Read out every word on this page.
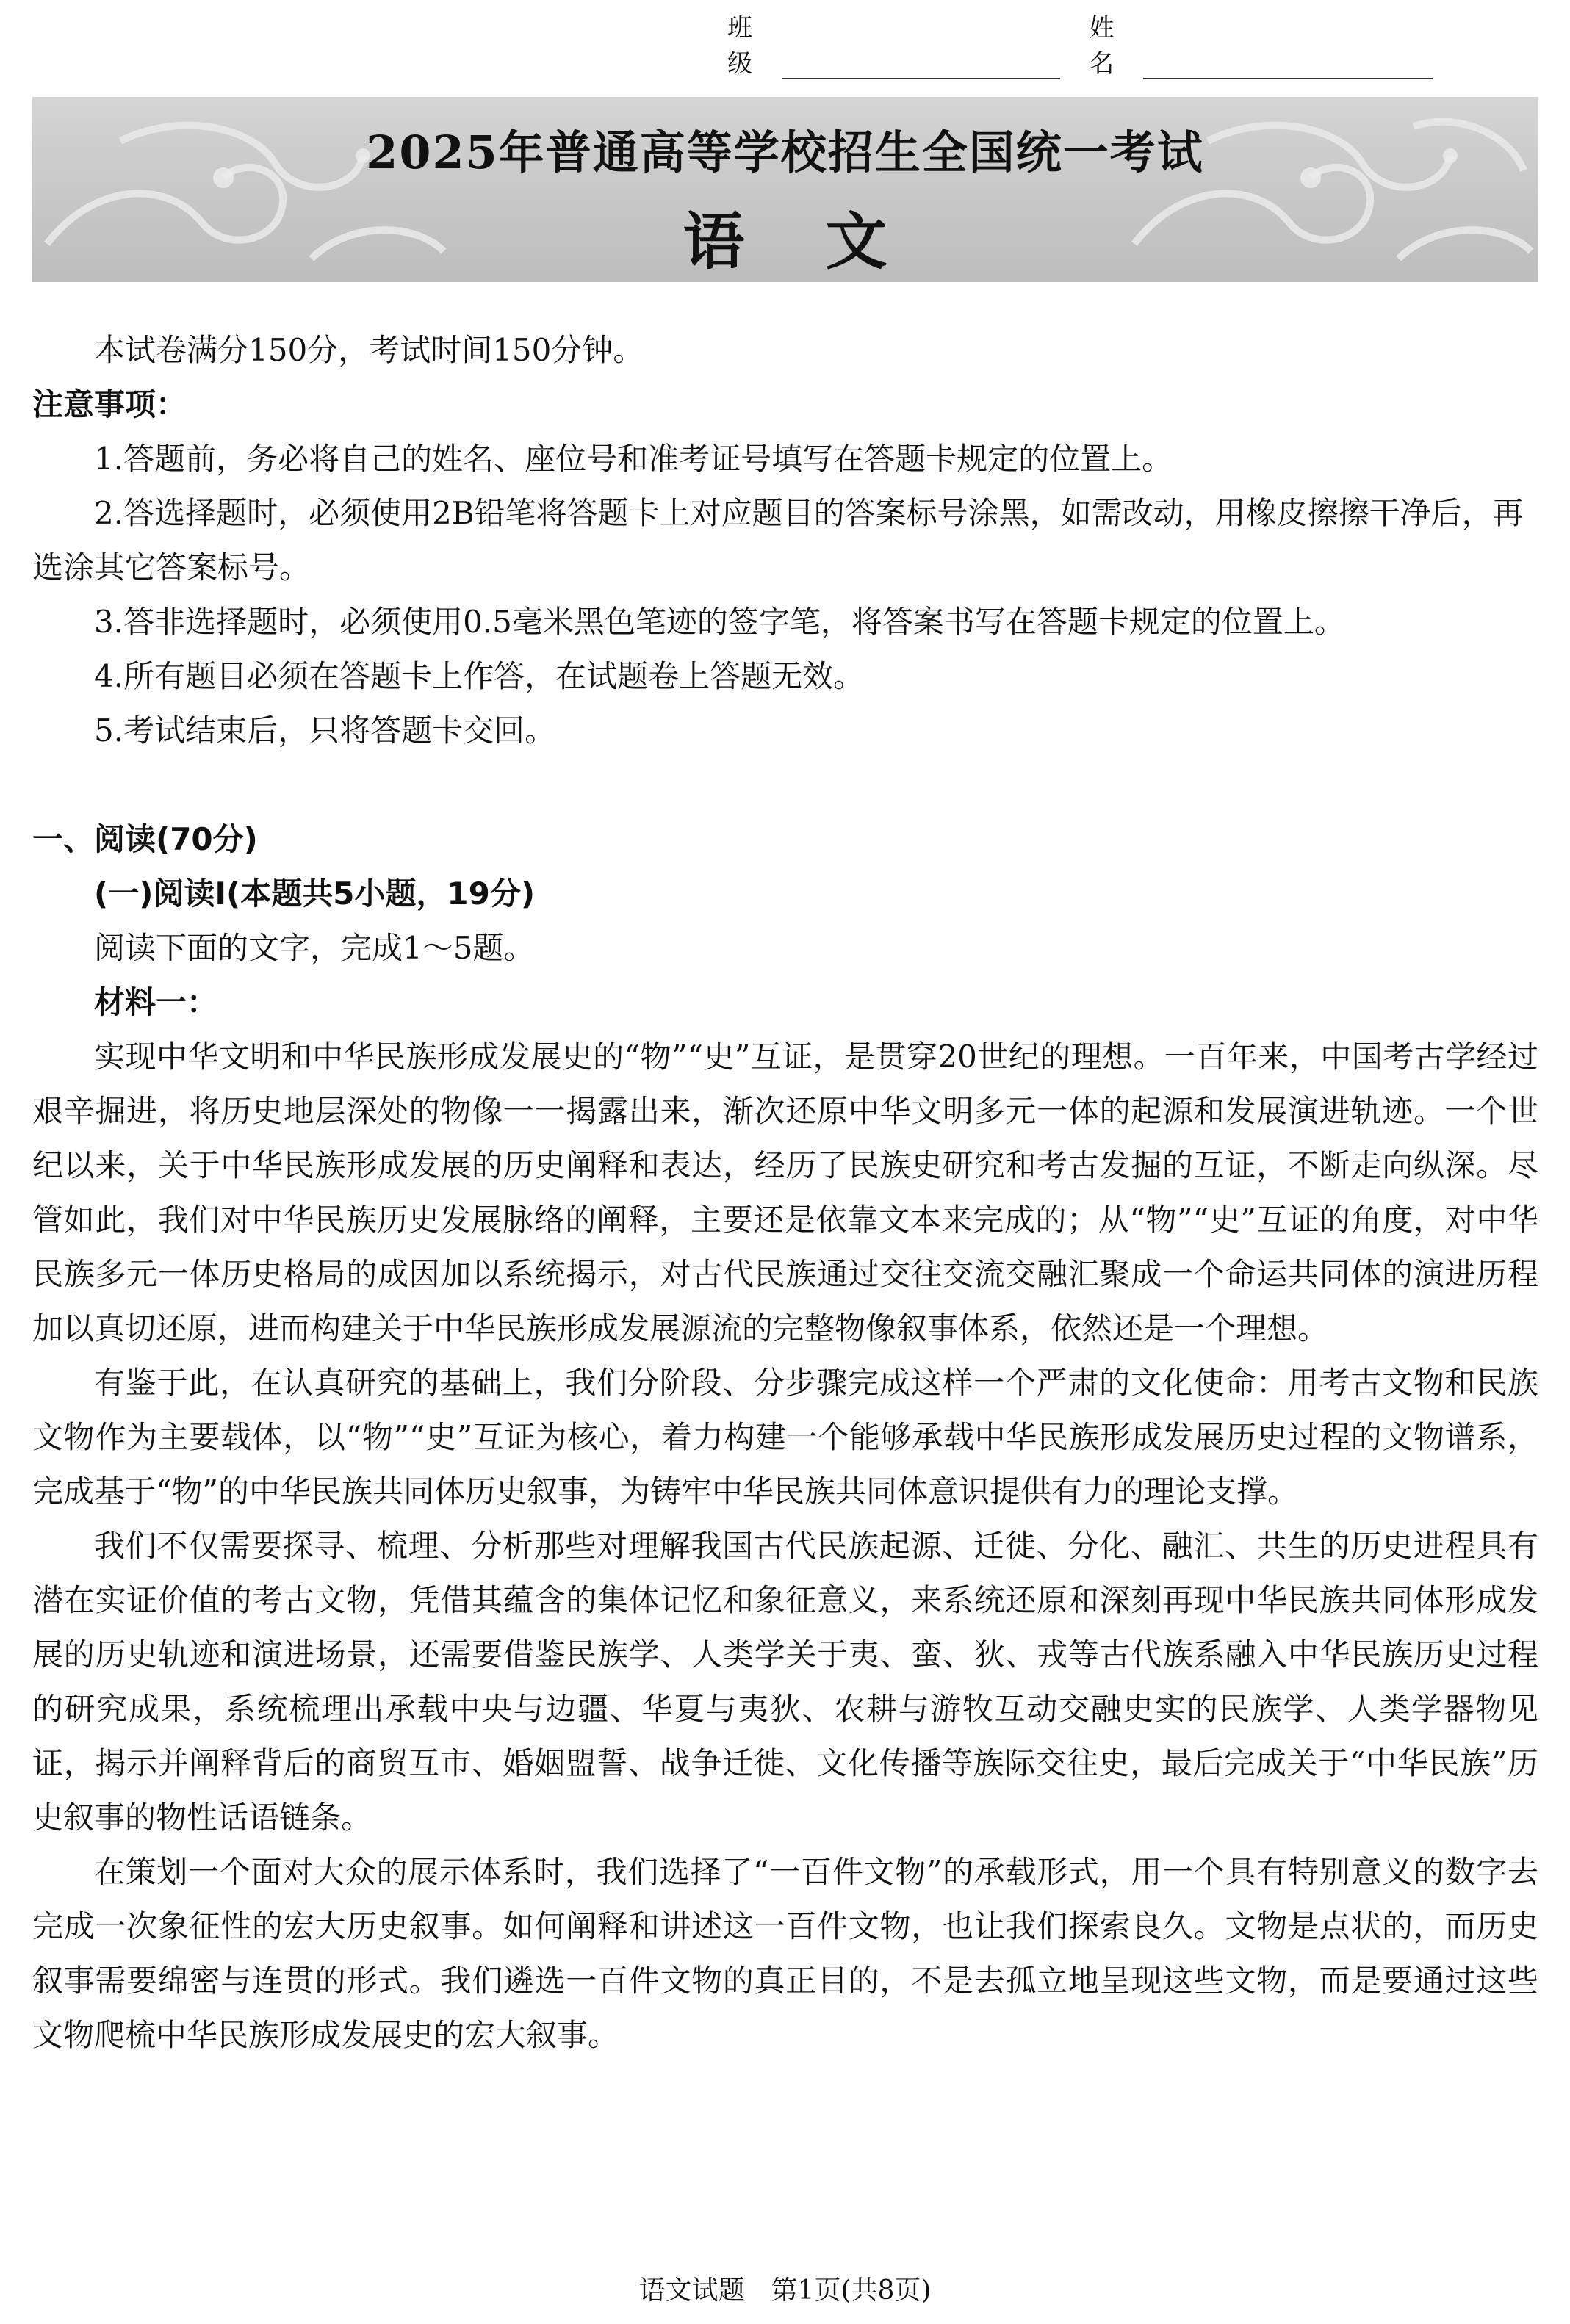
班级
姓名
2025年普通高等学校招生全国统一考试
语文

本试卷满分150分，考试时间150分钟。

注意事项：

1.答题前，务必将自己的姓名、座位号和准考证号填写在答题卡规定的位置上。

2.答选择题时，必须使用2B铅笔将答题卡上对应题目的答案标号涂黑，如需改动，用橡皮擦擦干净后，再选涂其它答案标号。

3.答非选择题时，必须使用0.5毫米黑色笔迹的签字笔，将答案书写在答题卡规定的位置上。

4.所有题目必须在答题卡上作答，在试题卷上答题无效。

5.考试结束后，只将答题卡交回。

一、阅读(70分)

(一)阅读Ⅰ(本题共5小题，19分)

阅读下面的文字，完成1～5题。

材料一：

实现中华文明和中华民族形成发展史的“物”“史”互证，是贯穿20世纪的理想。一百年来，中国考古学经过艰辛掘进，将历史地层深处的物像一一揭露出来，渐次还原中华文明多元一体的起源和发展演进轨迹。一个世纪以来，关于中华民族形成发展的历史阐释和表达，经历了民族史研究和考古发掘的互证，不断走向纵深。尽管如此，我们对中华民族历史发展脉络的阐释，主要还是依靠文本来完成的；从“物”“史”互证的角度，对中华民族多元一体历史格局的成因加以系统揭示，对古代民族通过交往交流交融汇聚成一个命运共同体的演进历程加以真切还原，进而构建关于中华民族形成发展源流的完整物像叙事体系，依然还是一个理想。

有鉴于此，在认真研究的基础上，我们分阶段、分步骤完成这样一个严肃的文化使命：用考古文物和民族文物作为主要载体，以“物”“史”互证为核心，着力构建一个能够承载中华民族形成发展历史过程的文物谱系，完成基于“物”的中华民族共同体历史叙事，为铸牢中华民族共同体意识提供有力的理论支撑。

我们不仅需要探寻、梳理、分析那些对理解我国古代民族起源、迁徙、分化、融汇、共生的历史进程具有潜在实证价值的考古文物，凭借其蕴含的集体记忆和象征意义，来系统还原和深刻再现中华民族共同体形成发展的历史轨迹和演进场景，还需要借鉴民族学、人类学关于夷、蛮、狄、戎等古代族系融入中华民族历史过程的研究成果，系统梳理出承载中央与边疆、华夏与夷狄、农耕与游牧互动交融史实的民族学、人类学器物见证，揭示并阐释背后的商贸互市、婚姻盟誓、战争迁徙、文化传播等族际交往史，最后完成关于“中华民族”历史叙事的物性话语链条。

在策划一个面对大众的展示体系时，我们选择了“一百件文物”的承载形式，用一个具有特别意义的数字去完成一次象征性的宏大历史叙事。如何阐释和讲述这一百件文物，也让我们探索良久。文物是点状的，而历史叙事需要绵密与连贯的形式。我们遴选一百件文物的真正目的，不是去孤立地呈现这些文物，而是要通过这些文物爬梳中华民族形成发展史的宏大叙事。

语文试题　第1页(共8页)
